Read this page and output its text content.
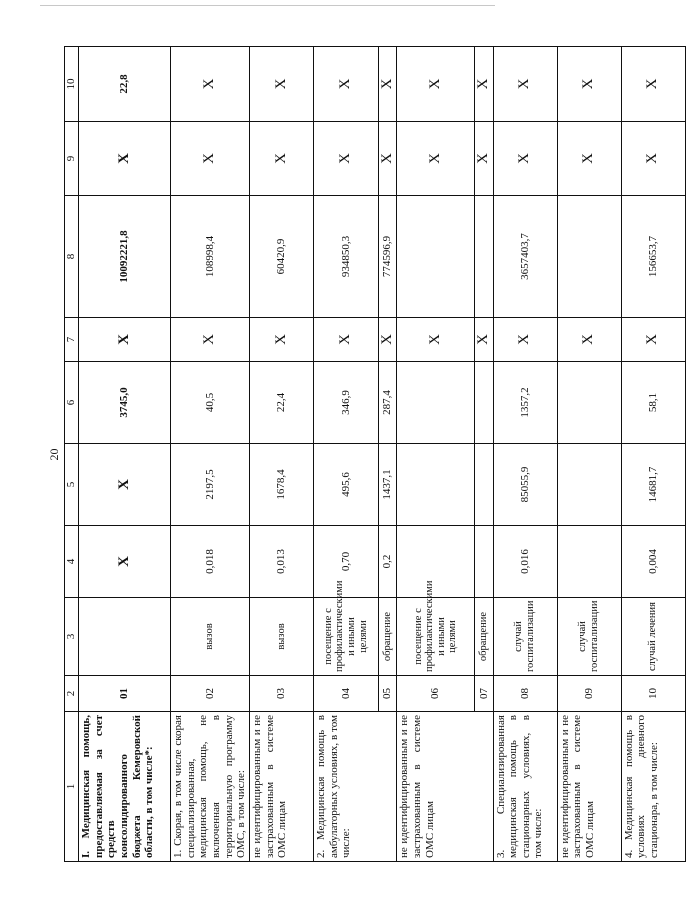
20
1	2	3	4	5	6	7	8	9	10
I. Медицинская помощь, предоставляемая за счет средств консолидированного бюджета Кемеровской области, в том числе*:	01		X	X	3745,0	X	10092221,8	X	22,8
1. Скорая, в том числе скорая специализированная, медицинская помощь, не включенная в территориальную программу ОМС, в том числе:	02	вызов	0,018	2197,5	40,5	X	108998,4	X	X
не идентифицированным и не застрахованным в системе ОМС лицам	03	вызов	0,013	1678,4	22,4	X	60420,9	X	X
2. Медицинская помощь в амбулаторных условиях, в том числе:	04	посещение с профилактическими и иными целями	0,70	495,6	346,9	X	934850,3	X	X
	05	обращение	0,2	1437,1	287,4	X	774596,9	X	X
не идентифицированным и не застрахованным в системе ОМС лицам	06	посещение с профилактическими и иными целями				X		X	X
	07	обращение				X		X	X
3. Специализированная медицинская помощь в стационарных условиях, в том числе:	08	случай госпитализации	0,016	85055,9	1357,2	X	3657403,7	X	X
не идентифицированным и не застрахованным в системе ОМС лицам	09	случай госпитализации				X		X	X
4. Медицинская помощь в условиях дневного стационара, в том числе:	10	случай лечения	0,004	14681,7	58,1	X	156653,7	X	X
